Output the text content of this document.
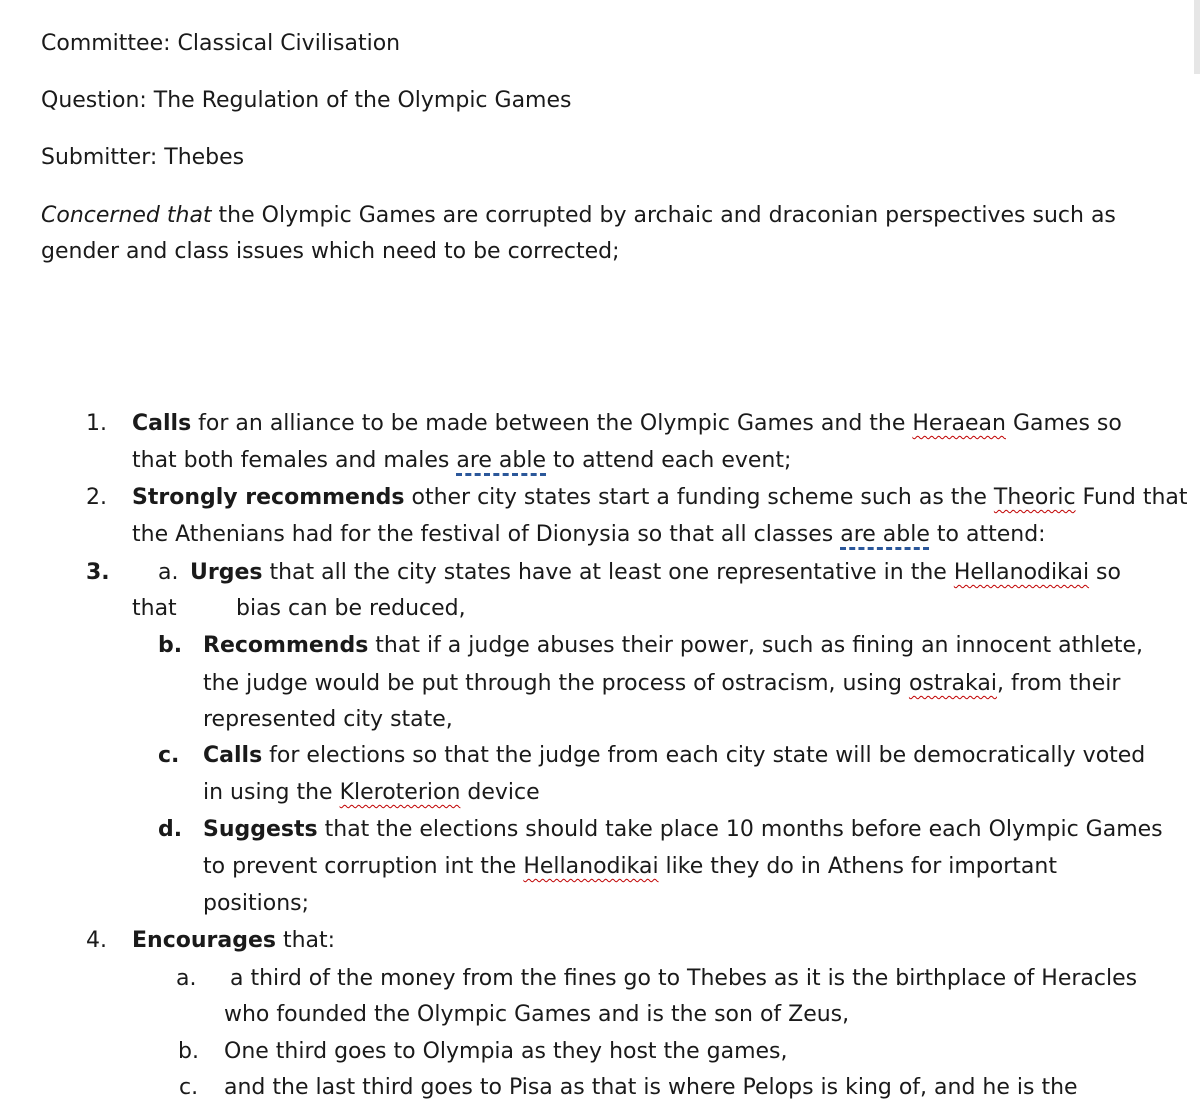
Committee: Classical Civilisation
Question: The Regulation of the Olympic Games
Submitter: Thebes
Concerned that the Olympic Games are corrupted by archaic and draconian perspectives such as
gender and class issues which need to be corrected;
1. Calls for an alliance to be made between the Olympic Games and the Heraean Games so
that both females and males are able to attend each event;
2. Strongly recommends other city states start a funding scheme such as the Theoric Fund that
the Athenians had for the festival of Dionysia so that all classes are able to attend:
3. a. Urges that all the city states have at least one representative in the Hellanodikai so
that	bias can be reduced,
b. Recommends that if a judge abuses their power, such as fining an innocent athlete,
the judge would be put through the process of ostracism, using ostrakai, from their
represented city state,
c. Calls for elections so that the judge from each city state will be democratically voted
in using the Kleroterion device
d. Suggests that the elections should take place 10 months before each Olympic Games
to prevent corruption int the Hellanodikai like they do in Athens for important
positions;
4. Encourages that:
a. a third of the money from the fines go to Thebes as it is the birthplace of Heracles
who founded the Olympic Games and is the son of Zeus,
b. One third goes to Olympia as they host the games,
c. and the last third goes to Pisa as that is where Pelops is king of, and he is the
